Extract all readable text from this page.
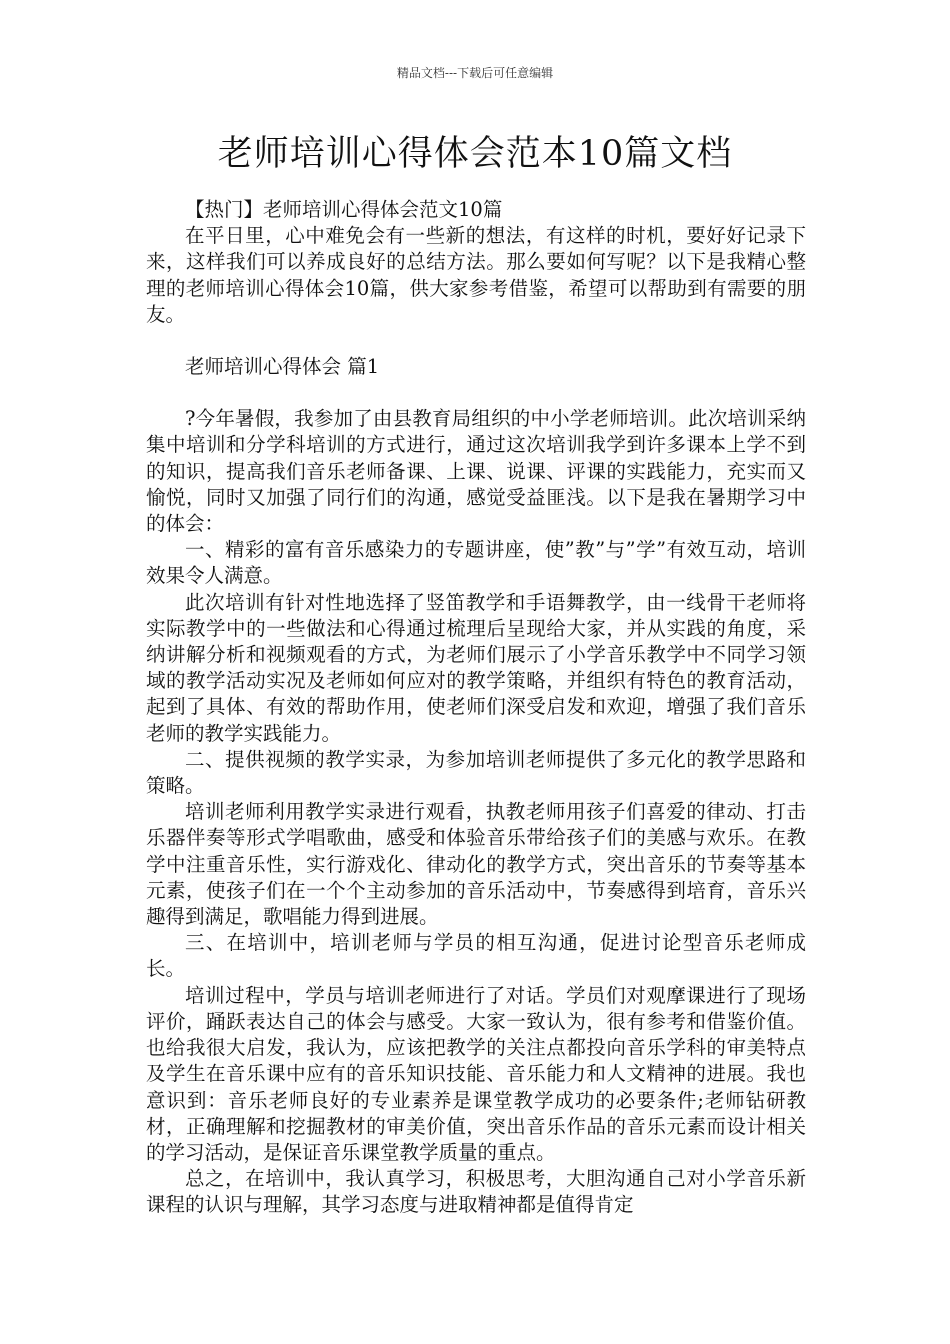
精品文档---下载后可任意编辑
老师培训心得体会范本10篇文档

【热门】老师培训心得体会范文10篇

在平日里，心中难免会有一些新的想法，有这样的时机，要好好记录下来，这样我们可以养成良好的总结方法。那么要如何写呢？以下是我精心整理的老师培训心得体会10篇，供大家参考借鉴，希望可以帮助到有需要的朋友。

老师培训心得体会 篇1

?今年暑假，我参加了由县教育局组织的中小学老师培训。此次培训采纳集中培训和分学科培训的方式进行，通过这次培训我学到许多课本上学不到的知识，提高我们音乐老师备课、上课、说课、评课的实践能力，充实而又愉悦，同时又加强了同行们的沟通，感觉受益匪浅。以下是我在暑期学习中的体会：

一、精彩的富有音乐感染力的专题讲座，使”教”与”学”有效互动，培训效果令人满意。

此次培训有针对性地选择了竖笛教学和手语舞教学，由一线骨干老师将实际教学中的一些做法和心得通过梳理后呈现给大家，并从实践的角度，采纳讲解分析和视频观看的方式，为老师们展示了小学音乐教学中不同学习领域的教学活动实况及老师如何应对的教学策略，并组织有特色的教育活动，起到了具体、有效的帮助作用，使老师们深受启发和欢迎，增强了我们音乐老师的教学实践能力。

二、提供视频的教学实录，为参加培训老师提供了多元化的教学思路和策略。

培训老师利用教学实录进行观看，执教老师用孩子们喜爱的律动、打击乐器伴奏等形式学唱歌曲，感受和体验音乐带给孩子们的美感与欢乐。在教学中注重音乐性，实行游戏化、律动化的教学方式，突出音乐的节奏等基本元素，使孩子们在一个个主动参加的音乐活动中，节奏感得到培育，音乐兴趣得到满足，歌唱能力得到进展。

三、在培训中，培训老师与学员的相互沟通，促进讨论型音乐老师成长。

培训过程中，学员与培训老师进行了对话。学员们对观摩课进行了现场评价，踊跃表达自己的体会与感受。大家一致认为，很有参考和借鉴价值。也给我很大启发，我认为，应该把教学的关注点都投向音乐学科的审美特点及学生在音乐课中应有的音乐知识技能、音乐能力和人文精神的进展。我也意识到：音乐老师良好的专业素养是课堂教学成功的必要条件;老师钻研教材，正确理解和挖掘教材的审美价值，突出音乐作品的音乐元素而设计相关的学习活动，是保证音乐课堂教学质量的重点。

总之，在培训中，我认真学习，积极思考，大胆沟通自己对小学音乐新课程的认识与理解，其学习态度与进取精神都是值得肯定
